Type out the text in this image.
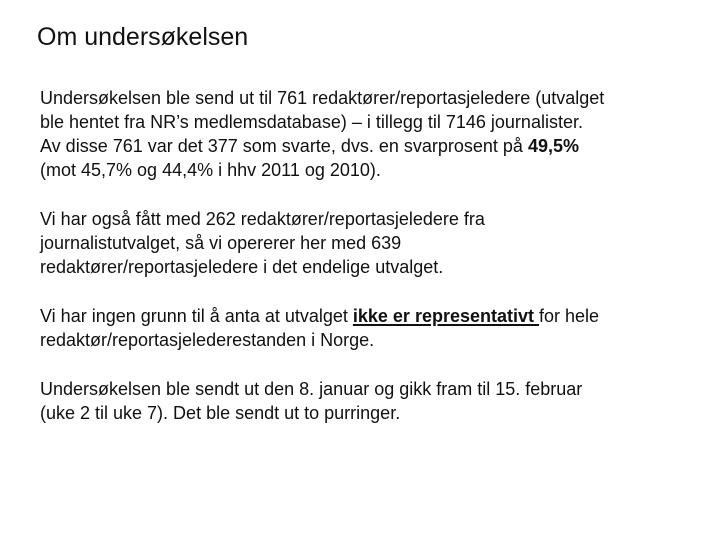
Om undersøkelsen

Undersøkelsen ble send ut til 761 redaktører/reportasjeledere (utvalget
ble hentet fra NR’s medlemsdatabase) – i tillegg til 7146 journalister.
Av disse 761 var det 377 som svarte, dvs. en svarprosent på 49,5%
(mot 45,7% og 44,4% i hhv 2011 og 2010).

Vi har også fått med 262 redaktører/reportasjeledere fra
journalistutvalget, så vi opererer her med 639
redaktører/reportasjeledere i det endelige utvalget.

Vi har ingen grunn til å anta at utvalget ikke er representativt for hele
redaktør/reportasjelederestanden i Norge.

Undersøkelsen ble sendt ut den 8. januar og gikk fram til 15. februar
(uke 2 til uke 7). Det ble sendt ut to purringer.
